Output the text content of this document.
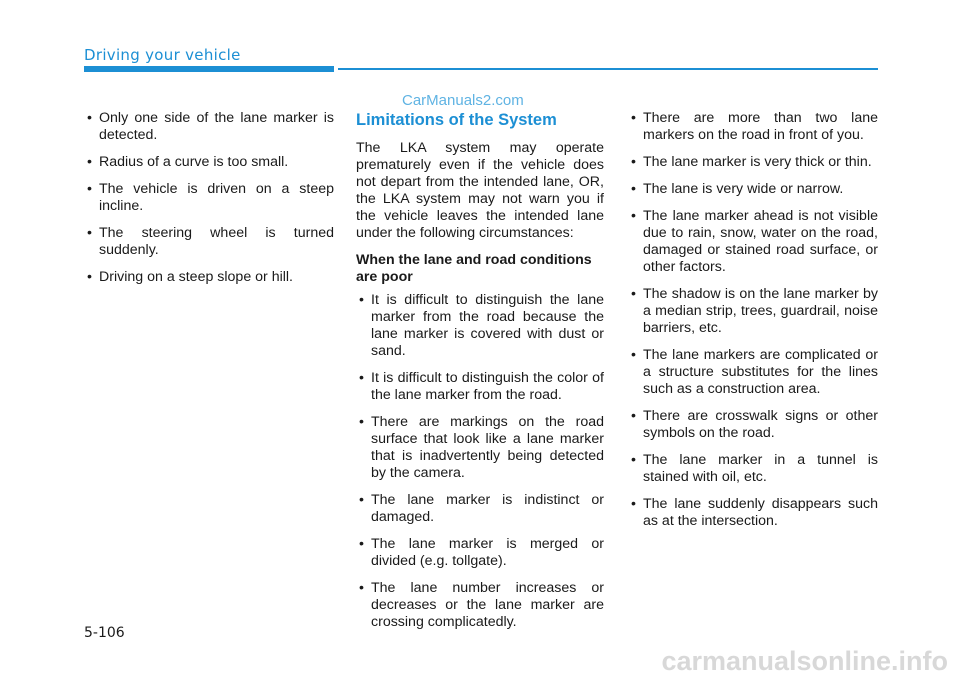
Driving your vehicle
CarManuals2.com
• Only one side of the lane marker is detected.
• Radius of a curve is too small.
• The vehicle is driven on a steep incline.
• The steering wheel is turned suddenly.
• Driving on a steep slope or hill.
Limitations of the System

The LKA system may operate prematurely even if the vehicle does not depart from the intended lane, OR, the LKA system may not warn you if the vehicle leaves the intended lane under the following circumstances:

When the lane and road conditions are poor
• It is difficult to distinguish the lane marker from the road because the lane marker is covered with dust or sand.
• It is difficult to distinguish the color of the lane marker from the road.
• There are markings on the road surface that look like a lane marker that is inadvertently being detected by the camera.
• The lane marker is indistinct or damaged.
• The lane marker is merged or divided (e.g. tollgate).
• The lane number increases or decreases or the lane marker are crossing complicatedly.
• There are more than two lane markers on the road in front of you.
• The lane marker is very thick or thin.
• The lane is very wide or narrow.
• The lane marker ahead is not visible due to rain, snow, water on the road, damaged or stained road surface, or other factors.
• The shadow is on the lane marker by a median strip, trees, guardrail, noise barriers, etc.
• The lane markers are complicated or a structure substitutes for the lines such as a construction area.
• There are crosswalk signs or other symbols on the road.
• The lane marker in a tunnel is stained with oil, etc.
• The lane suddenly disappears such as at the intersection.
5-106
carmanualsonline.info
